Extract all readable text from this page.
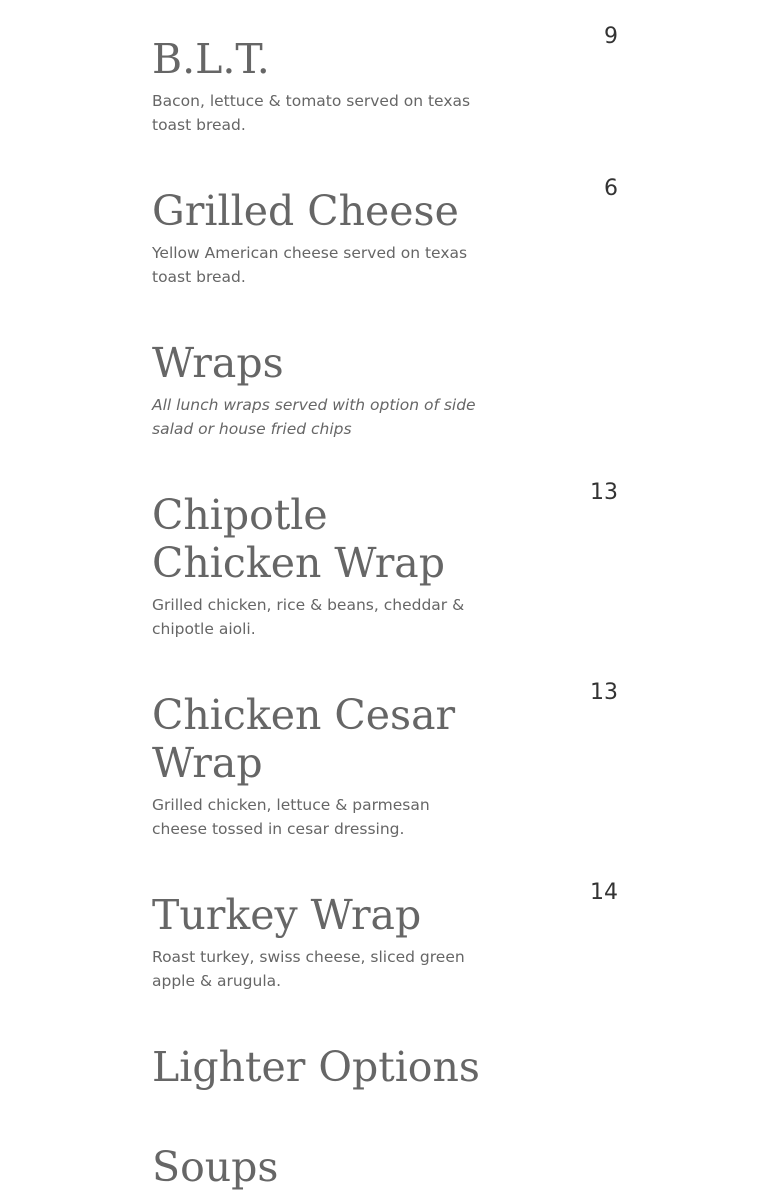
B.L.T.	9

Bacon, lettuce & tomato served on texas toast bread.

Grilled Cheese	6

Yellow American cheese served on texas toast bread.

Wraps

All lunch wraps served with option of side salad or house fried chips

Chipotle Chicken Wrap
13

Grilled chicken, rice & beans, cheddar & chipotle aioli.

Chicken Cesar Wrap
13

Grilled chicken, lettuce & parmesan cheese tossed in cesar dressing.

Turkey Wrap	14

Roast turkey, swiss cheese, sliced green apple & arugula.

Lighter Options
Soups
